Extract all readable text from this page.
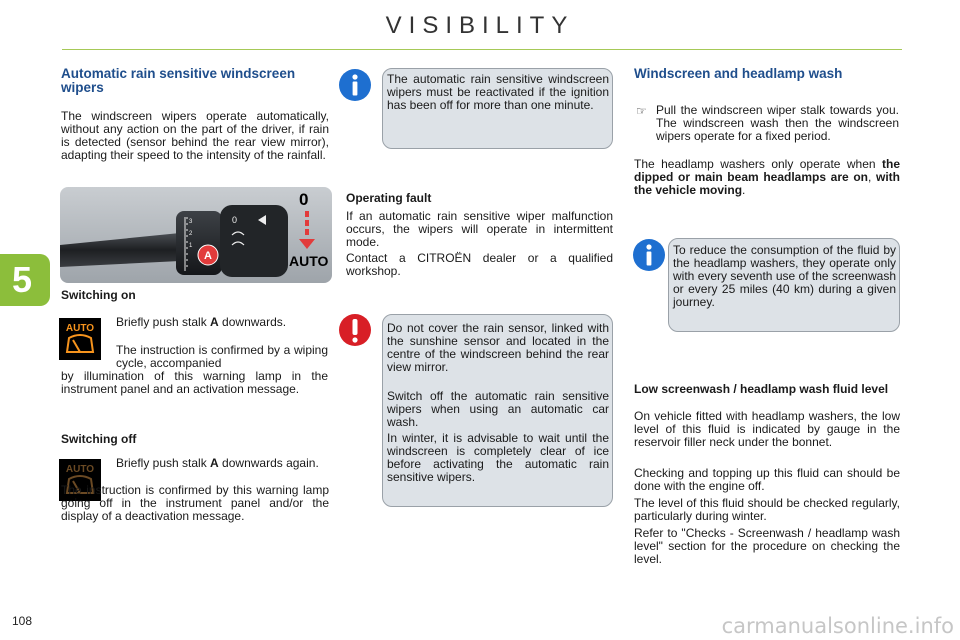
VISIBILITY
5
Automatic rain sensitive windscreen wipers
The windscreen wipers operate automatically, without any action on the part of the driver, if rain is detected (sensor behind the rear view mirror), adapting their speed to the intensity of the rainfall.
3
2
1
0
A
0
AUTO
Switching on
AUTO Briefly push stalk A downwards.
The instruction is confirmed by a wiping cycle, accompanied
by illumination of this warning lamp in the instrument panel and an activation message.
Switching off
AUTO Briefly push stalk A downwards again.
The instruction is confirmed by this warning lamp going off in the instrument panel and/or the display of a deactivation message.
The automatic rain sensitive windscreen wipers must be reactivated if the ignition has been off for more than one minute.
Operating fault
If an automatic rain sensitive wiper malfunction occurs, the wipers will operate in intermittent mode.
Contact a CITROËN dealer or a qualified workshop.
Do not cover the rain sensor, linked with the sunshine sensor and located in the centre of the windscreen behind the rear view mirror.
Switch off the automatic rain sensitive wipers when using an automatic car wash.
In winter, it is advisable to wait until the windscreen is completely clear of ice before activating the automatic rain sensitive wipers.
Windscreen and headlamp wash
☞ Pull the windscreen wiper stalk towards you. The windscreen wash then the windscreen wipers operate for a fixed period.
The headlamp washers only operate when the dipped or main beam headlamps are on, with the vehicle moving.
To reduce the consumption of the fluid by the headlamp washers, they operate only with every seventh use of the screenwash or every 25 miles (40 km) during a given journey.
Low screenwash / headlamp wash fluid level
On vehicle fitted with headlamp washers, the low level of this fluid is indicated by gauge in the reservoir filler neck under the bonnet.
Checking and topping up this fluid can should be done with the engine off.
The level of this fluid should be checked regularly, particularly during winter.
Refer to "Checks - Screenwash / headlamp wash level" section for the procedure on checking the level.
108	carmanualsonline.info
